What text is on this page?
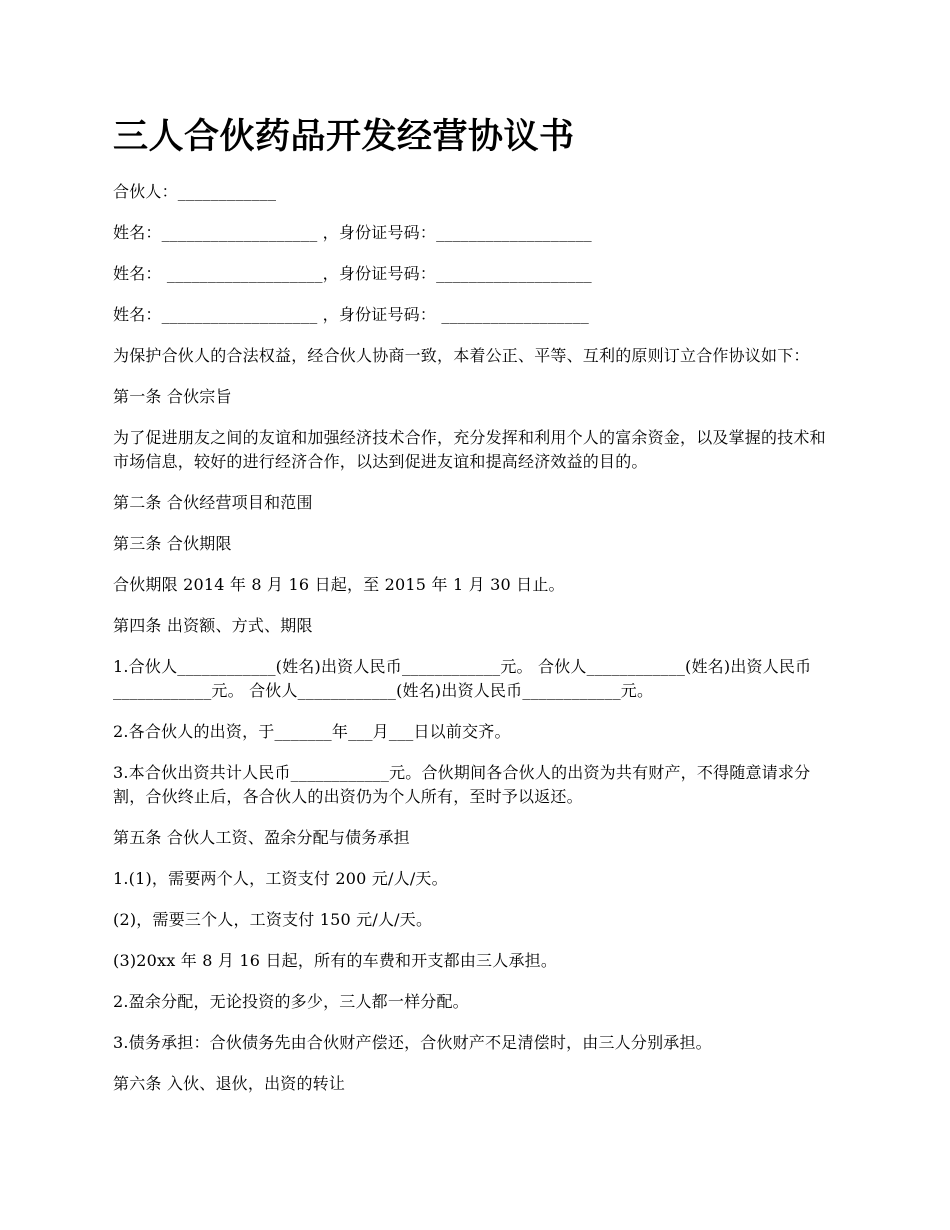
三人合伙药品开发经营协议书
合伙人：____________
姓名：___________________ ，身份证号码：___________________
姓名： ___________________，身份证号码：___________________
姓名：___________________ ，身份证号码： __________________
为保护合伙人的合法权益，经合伙人协商一致，本着公正、平等、互利的原则订立合作协议如下：
第一条 合伙宗旨
为了促进朋友之间的友谊和加强经济技术合作，充分发挥和利用个人的富余资金，以及掌握的技术和市场信息，较好的进行经济合作，以达到促进友谊和提高经济效益的目的。
第二条 合伙经营项目和范围
第三条 合伙期限
合伙期限 2014 年 8 月 16 日起，至 2015 年 1 月 30 日止。
第四条 出资额、方式、期限
1.合伙人____________(姓名)出资人民币____________元。 合伙人____________(姓名)出资人民币____________元。 合伙人____________(姓名)出资人民币____________元。
2.各合伙人的出资，于_______年___月___日以前交齐。
3.本合伙出资共计人民币____________元。合伙期间各合伙人的出资为共有财产，不得随意请求分割，合伙终止后，各合伙人的出资仍为个人所有，至时予以返还。
第五条 合伙人工资、盈余分配与债务承担
1.(1)，需要两个人，工资支付 200 元/人/天。
(2)，需要三个人，工资支付 150 元/人/天。
(3)20xx 年 8 月 16 日起，所有的车费和开支都由三人承担。
2.盈余分配，无论投资的多少，三人都一样分配。
3.债务承担：合伙债务先由合伙财产偿还，合伙财产不足清偿时，由三人分别承担。
第六条 入伙、退伙，出资的转让
